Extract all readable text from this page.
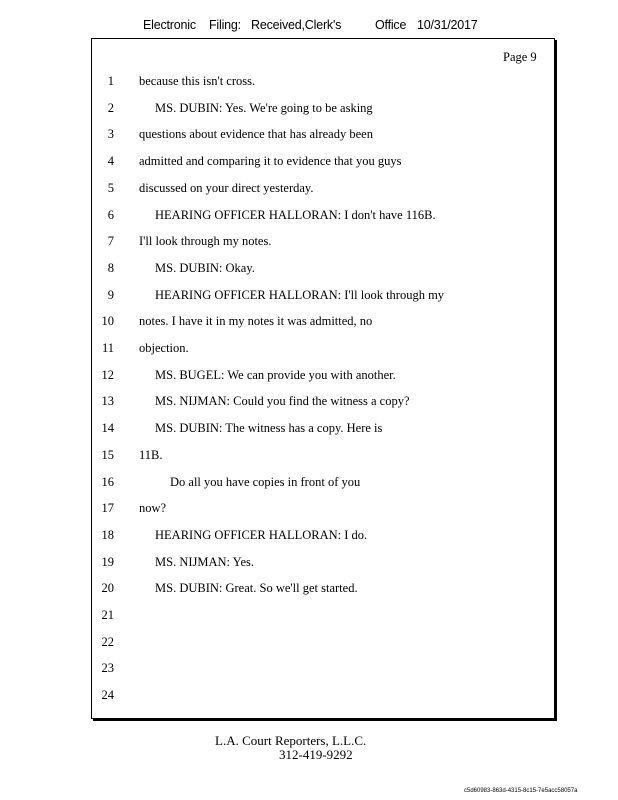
Electronic Filing: Received,Clerk's	Office 10/31/2017
Page 9
1 because this isn't cross.
2	MS. DUBIN: Yes. We're going to be asking
3 questions about evidence that has already been
4 admitted and comparing it to evidence that you guys
5 discussed on your direct yesterday.
6	HEARING OFFICER HALLORAN: I don't have 116B.
7 I'll look through my notes.
8	MS. DUBIN: Okay.
9	HEARING OFFICER HALLORAN: I'll look through my
10 notes. I have it in my notes it was admitted, no
11 objection.
12	MS. BUGEL: We can provide you with another.
13	MS. NIJMAN: Could you find the witness a copy?
14	MS. DUBIN: The witness has a copy. Here is
15 11B.
16	Do all you have copies in front of you
17 now?
18	HEARING OFFICER HALLORAN: I do.
19	MS. NIJMAN: Yes.
20	MS. DUBIN: Great. So we'll get started.
21
22
23
24
L.A. Court Reporters, L.L.C.
312-419-9292
c5d60983-863d-4315-8c15-7e5acc58057a
